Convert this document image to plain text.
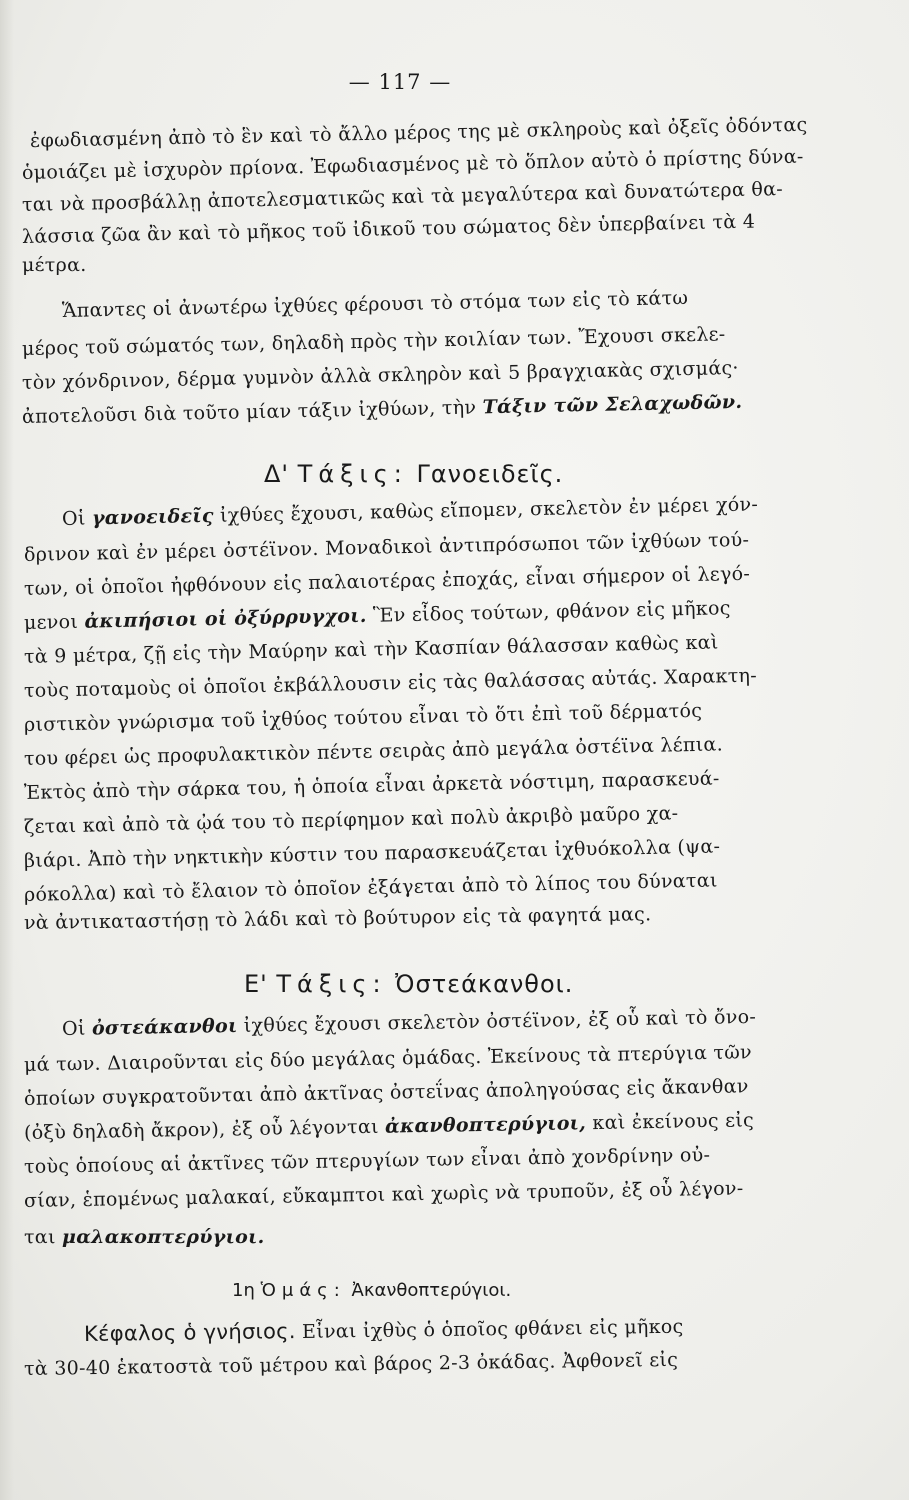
— 117 —
ἐφωδιασμένη ἀπὸ τὸ ἓν καὶ τὸ ἄλλο μέρος της μὲ σκληροὺς καὶ ὀξεῖς ὀδόντας
ὁμοιάζει μὲ ἰσχυρὸν πρίονα. Ἐφωδιασμένος μὲ τὸ ὅπλον αὐτὸ ὁ πρίστης δύνα-
ται νὰ προσβάλλῃ ἀποτελεσματικῶς καὶ τὰ μεγαλύτερα καὶ δυνατώτερα θα-
λάσσια ζῶα ἂν καὶ τὸ μῆκος τοῦ ἰδικοῦ του σώματος δὲν ὑπερβαίνει τὰ 4
μέτρα.
Ἅπαντες οἱ ἀνωτέρω ἰχθύες φέρουσι τὸ στόμα των εἰς τὸ κάτω
μέρος τοῦ σώματός των, δηλαδὴ πρὸς τὴν κοιλίαν των. Ἔχουσι σκελε-
τὸν χόνδρινον, δέρμα γυμνὸν ἀλλὰ σκληρὸν καὶ 5 βραγχιακὰς σχισμάς·
ἀποτελοῦσι διὰ τοῦτο μίαν τάξιν ἰχθύων, τὴν Τάξιν τῶν Σελαχωδῶν.
Δ' Τάξις: Γανοειδεῖς.
Οἱ γανοειδεῖς ἰχθύες ἔχουσι, καθὼς εἴπομεν, σκελετὸν ἐν μέρει χόν-
δρινον καὶ ἐν μέρει ὀστέϊνον. Μοναδικοὶ ἀντιπρόσωποι τῶν ἰχθύων τού-
των, οἱ ὁποῖοι ἠφθόνουν εἰς παλαιοτέρας ἐποχάς, εἶναι σήμερον οἱ λεγό-
μενοι ἀκιπήσιοι οἱ ὀξύρρυγχοι. Ἓν εἶδος τούτων, φθάνον εἰς μῆκος
τὰ 9 μέτρα, ζῇ εἰς τὴν Μαύρην καὶ τὴν Κασπίαν θάλασσαν καθὼς καὶ
τοὺς ποταμοὺς οἱ ὁποῖοι ἐκβάλλουσιν εἰς τὰς θαλάσσας αὐτάς. Χαρακτη-
ριστικὸν γνώρισμα τοῦ ἰχθύος τούτου εἶναι τὸ ὅτι ἐπὶ τοῦ δέρματός
του φέρει ὡς προφυλακτικὸν πέντε σειρὰς ἀπὸ μεγάλα ὀστέϊνα λέπια.
Ἐκτὸς ἀπὸ τὴν σάρκα του, ἡ ὁποία εἶναι ἀρκετὰ νόστιμη, παρασκευά-
ζεται καὶ ἀπὸ τὰ ᾠά του τὸ περίφημον καὶ πολὺ ἀκριβὸ μαῦρο χα-
βιάρι. Ἀπὸ τὴν νηκτικὴν κύστιν του παρασκευάζεται ἰχθυόκολλα (ψα-
ρόκολλα) καὶ τὸ ἔλαιον τὸ ὁποῖον ἐξάγεται ἀπὸ τὸ λίπος του δύναται
νὰ ἀντικαταστήσῃ τὸ λάδι καὶ τὸ βούτυρον εἰς τὰ φαγητά μας.
Ε' Τάξις: Ὀστεάκανθοι.
Οἱ ὀστεάκανθοι ἰχθύες ἔχουσι σκελετὸν ὀστέϊνον, ἐξ οὗ καὶ τὸ ὄνο-
μά των. Διαιροῦνται εἰς δύο μεγάλας ὁμάδας. Ἐκείνους τὰ πτερύγια τῶν
ὁποίων συγκρατοῦνται ἀπὸ ἀκτῖνας ὀστεΐνας ἀποληγούσας εἰς ἄκανθαν
(ὀξὺ δηλαδὴ ἄκρον), ἐξ οὗ λέγονται ἀκανθοπτερύγιοι, καὶ ἐκείνους εἰς
τοὺς ὁποίους αἱ ἀκτῖνες τῶν πτερυγίων των εἶναι ἀπὸ χονδρίνην οὐ-
σίαν, ἑπομένως μαλακαί, εὔκαμπτοι καὶ χωρὶς νὰ τρυποῦν, ἐξ οὗ λέγον-
ται μαλακοπτερύγιοι.
1η Ὁμάς: Ἀκανθοπτερύγιοι.
Κέφαλος ὁ γνήσιος. Εἶναι ἰχθὺς ὁ ὁποῖος φθάνει εἰς μῆκος
τὰ 30-40 ἑκατοστὰ τοῦ μέτρου καὶ βάρος 2-3 ὀκάδας. Ἀφθονεῖ εἰς
